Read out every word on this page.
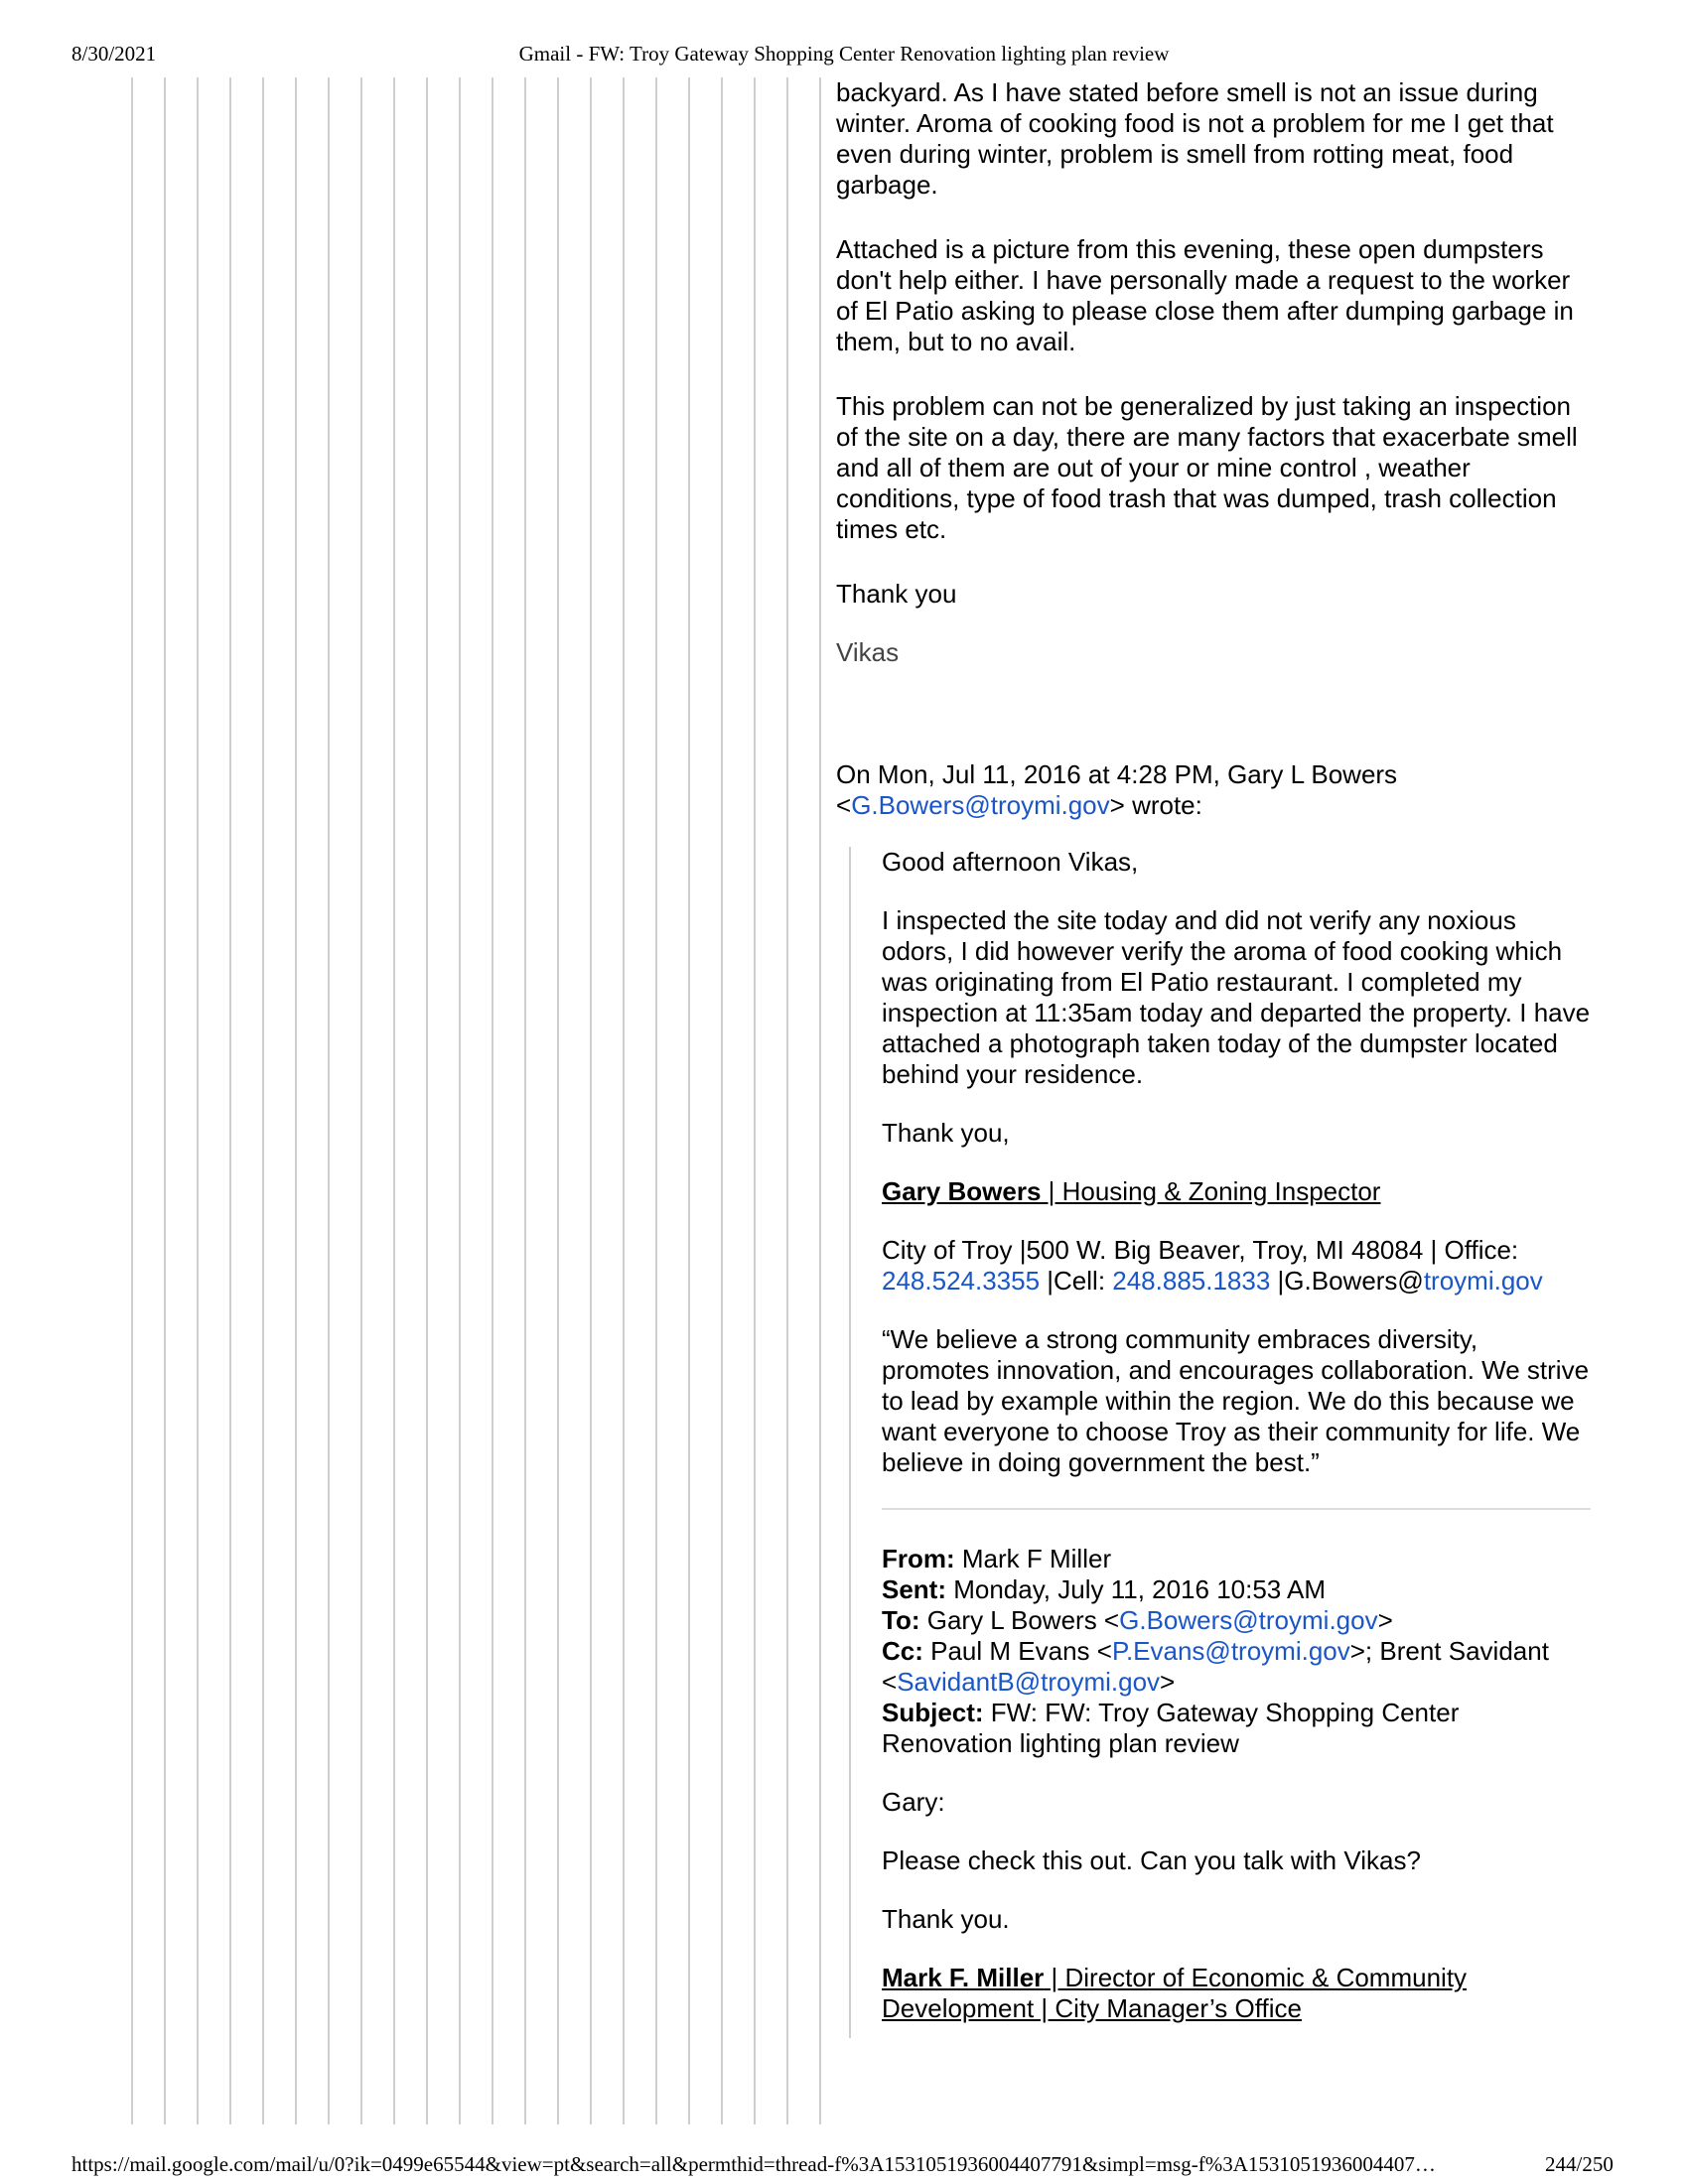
8/30/2021	Gmail - FW: Troy Gateway Shopping Center Renovation lighting plan review

backyard. As I have stated before smell is not an issue during winter. Aroma of cooking food is not a problem for me I get that even during winter, problem is smell from rotting meat, food garbage.

Attached is a picture from this evening, these open dumpsters don't help either. I have personally made a request to the worker of El Patio asking to please close them after dumping garbage in them, but to no avail.

This problem can not be generalized by just taking an inspection of the site on a day, there are many factors that exacerbate smell and all of them are out of your or mine control , weather conditions, type of food trash that was dumped, trash collection times etc.

Thank you

Vikas

On Mon, Jul 11, 2016 at 4:28 PM, Gary L Bowers
<G.Bowers@troymi.gov> wrote:

Good afternoon Vikas,

I inspected the site today and did not verify any noxious odors, I did however verify the aroma of food cooking which was originating from El Patio restaurant. I completed my inspection at 11:35am today and departed the property. I have attached a photograph taken today of the dumpster located behind your residence.

Thank you,

Gary Bowers | Housing & Zoning Inspector

City of Troy |500 W. Big Beaver, Troy, MI 48084 | Office: 248.524.3355 |Cell: 248.885.1833 |G.Bowers@troymi.gov

“We believe a strong community embraces diversity, promotes innovation, and encourages collaboration. We strive to lead by example within the region. We do this because we want everyone to choose Troy as their community for life. We believe in doing government the best.”

From: Mark F Miller
Sent: Monday, July 11, 2016 10:53 AM
To: Gary L Bowers <G.Bowers@troymi.gov>
Cc: Paul M Evans <P.Evans@troymi.gov>; Brent Savidant <SavidantB@troymi.gov>
Subject: FW: FW: Troy Gateway Shopping Center Renovation lighting plan review

Gary:

Please check this out. Can you talk with Vikas?

Thank you.

Mark F. Miller | Director of Economic & Community Development | City Manager’s Office

https://mail.google.com/mail/u/0?ik=0499e65544&view=pt&search=all&permthid=thread-f%3A1531051936004407791&simpl=msg-f%3A1531051936004407…	244/250
